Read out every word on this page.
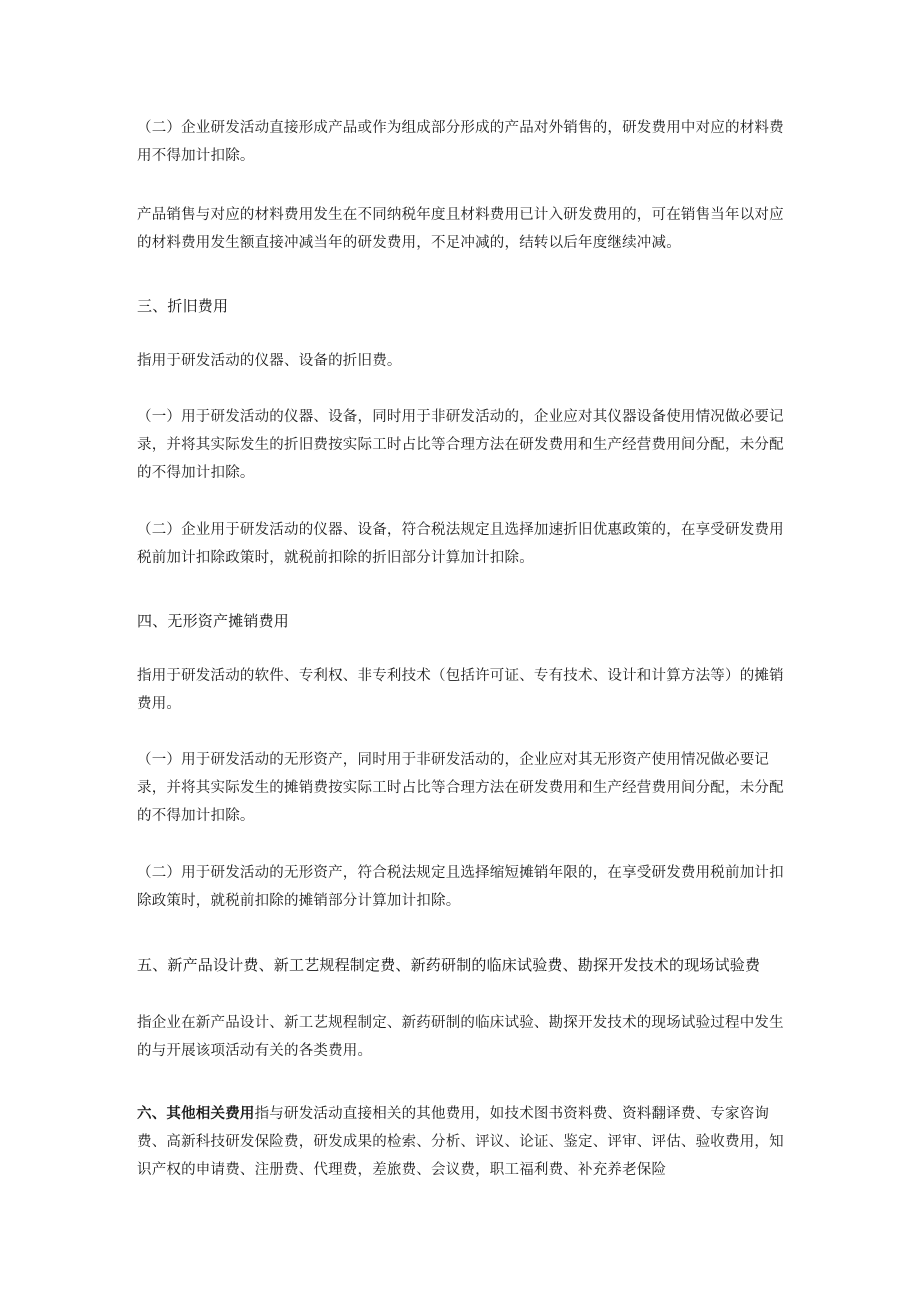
（二）企业研发活动直接形成产品或作为组成部分形成的产品对外销售的，研发费用中对应的材料费用不得加计扣除。

产品销售与对应的材料费用发生在不同纳税年度且材料费用已计入研发费用的，可在销售当年以对应的材料费用发生额直接冲减当年的研发费用，不足冲减的，结转以后年度继续冲减。

三、折旧费用

指用于研发活动的仪器、设备的折旧费。

（一）用于研发活动的仪器、设备，同时用于非研发活动的，企业应对其仪器设备使用情况做必要记录，并将其实际发生的折旧费按实际工时占比等合理方法在研发费用和生产经营费用间分配，未分配的不得加计扣除。

（二）企业用于研发活动的仪器、设备，符合税法规定且选择加速折旧优惠政策的，在享受研发费用税前加计扣除政策时，就税前扣除的折旧部分计算加计扣除。

四、无形资产摊销费用

指用于研发活动的软件、专利权、非专利技术（包括许可证、专有技术、设计和计算方法等）的摊销费用。

（一）用于研发活动的无形资产，同时用于非研发活动的，企业应对其无形资产使用情况做必要记录，并将其实际发生的摊销费按实际工时占比等合理方法在研发费用和生产经营费用间分配，未分配的不得加计扣除。

（二）用于研发活动的无形资产，符合税法规定且选择缩短摊销年限的，在享受研发费用税前加计扣除政策时，就税前扣除的摊销部分计算加计扣除。

五、新产品设计费、新工艺规程制定费、新药研制的临床试验费、勘探开发技术的现场试验费

指企业在新产品设计、新工艺规程制定、新药研制的临床试验、勘探开发技术的现场试验过程中发生的与开展该项活动有关的各类费用。

六、其他相关费用指与研发活动直接相关的其他费用，如技术图书资料费、资料翻译费、专家咨询费、高新科技研发保险费，研发成果的检索、分析、评议、论证、鉴定、评审、评估、验收费用，知识产权的申请费、注册费、代理费，差旅费、会议费，职工福利费、补充养老保险
